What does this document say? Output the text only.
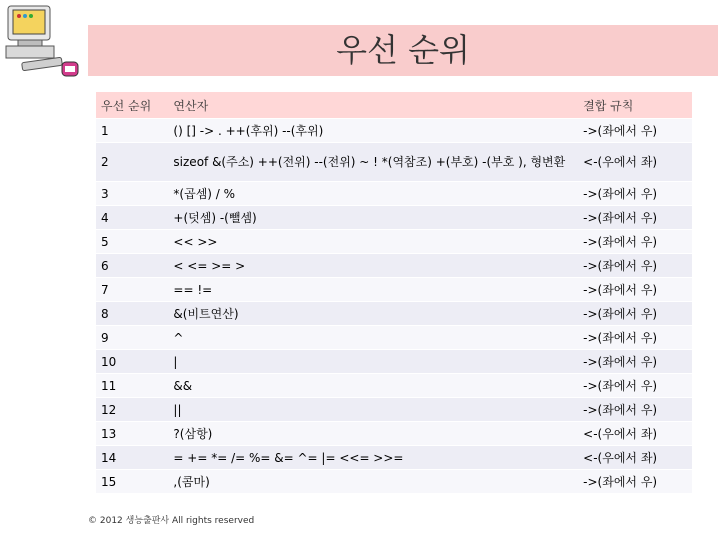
우선 순위
우선 순위	연산자	결합 규칙
1	() [] -> . ++(후위) --(후위)	->(좌에서 우)
2	sizeof &(주소) ++(전위) --(전위) ~ ! *(역참조) +(부호) -(부호 ), 형변환	<-(우에서 좌)
3	*(곱셈) / %	->(좌에서 우)
4	+(덧셈) -(뺄셈)	->(좌에서 우)
5	<< >>	->(좌에서 우)
6	< <= >= >	->(좌에서 우)
7	== !=	->(좌에서 우)
8	&(비트연산)	->(좌에서 우)
9	^	->(좌에서 우)
10	|	->(좌에서 우)
11	&&	->(좌에서 우)
12	||	->(좌에서 우)
13	?(삼항)	<-(우에서 좌)
14	= += *= /= %= &= ^= |= <<= >>=	<-(우에서 좌)
15	,(콤마)	->(좌에서 우)
© 2012 생능출판사 All rights reserved
